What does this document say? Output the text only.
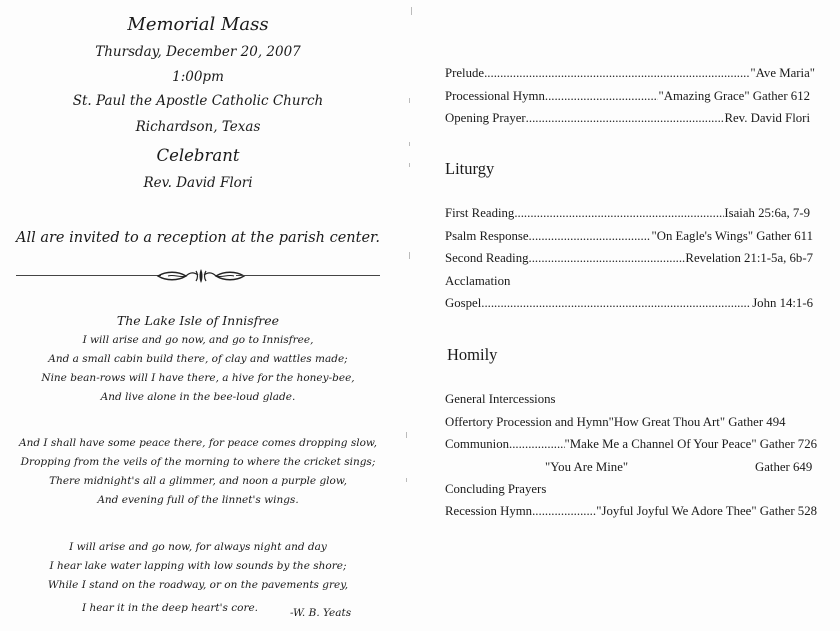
Memorial Mass
Thursday, December 20, 2007
1:00pm
St. Paul the Apostle Catholic Church
Richardson, Texas
Celebrant
Rev. David Flori
All are invited to a reception at the parish center.
The Lake Isle of Innisfree
I will arise and go now, and go to Innisfree,
And a small cabin build there, of clay and wattles made;
Nine bean-rows will I have there, a hive for the honey-bee,
And live alone in the bee-loud glade.
And I shall have some peace there, for peace comes dropping slow,
Dropping from the veils of the morning to where the cricket sings;
There midnight's all a glimmer, and noon a purple glow,
And evening full of the linnet's wings.
I will arise and go now, for always night and day
I hear lake water lapping with low sounds by the shore;
While I stand on the roadway, or on the pavements grey,
I hear it in the deep heart's core.	-W. B. Yeats
Prelude . . .	"Ave Maria"
Processional Hymn . . .	"Amazing Grace" Gather 612
Opening Prayer . . .	Rev. David Flori
Liturgy
First Reading . . .	Isaiah 25:6a, 7-9
Psalm Response . . .	"On Eagle's Wings" Gather 611
Second Reading . . .	Revelation 21:1-5a, 6b-7
Acclamation
Gospel . . .	John 14:1-6
Homily
General Intercessions
Offertory Procession and Hymn"How Great Thou Art" Gather 494
Communion . . .	"Make Me a Channel Of Your Peace" Gather 726
"You Are Mine"	Gather 649
Concluding Prayers
Recession Hymn . . .	"Joyful Joyful We Adore Thee" Gather 528
